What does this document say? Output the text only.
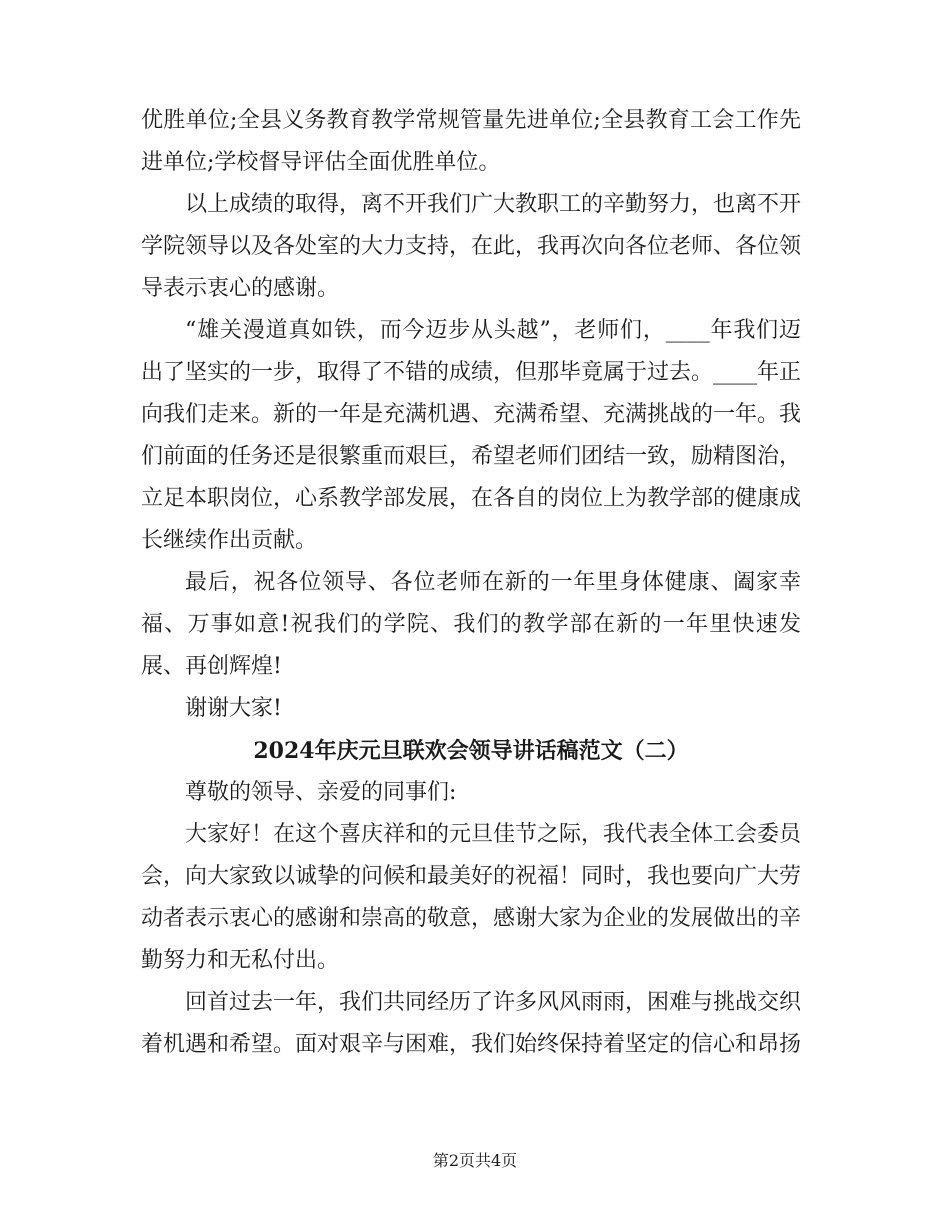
优胜单位;全县义务教育教学常规管量先进单位;全县教育工会工作先进单位;学校督导评估全面优胜单位。

以上成绩的取得，离不开我们广大教职工的辛勤努力，也离不开学院领导以及各处室的大力支持，在此，我再次向各位老师、各位领导表示衷心的感谢。

“雄关漫道真如铁，而今迈步从头越”，老师们，____年我们迈出了坚实的一步，取得了不错的成绩，但那毕竟属于过去。____年正向我们走来。新的一年是充满机遇、充满希望、充满挑战的一年。我们前面的任务还是很繁重而艰巨，希望老师们团结一致，励精图治，立足本职岗位，心系教学部发展，在各自的岗位上为教学部的健康成长继续作出贡献。

最后，祝各位领导、各位老师在新的一年里身体健康、阖家幸福、万事如意!祝我们的学院、我们的教学部在新的一年里快速发展、再创辉煌!

谢谢大家!

2024年庆元旦联欢会领导讲话稿范文（二）

尊敬的领导、亲爱的同事们:

大家好！在这个喜庆祥和的元旦佳节之际，我代表全体工会委员会，向大家致以诚挚的问候和最美好的祝福！同时，我也要向广大劳动者表示衷心的感谢和崇高的敬意，感谢大家为企业的发展做出的辛勤努力和无私付出。

回首过去一年，我们共同经历了许多风风雨雨，困难与挑战交织着机遇和希望。面对艰辛与困难，我们始终保持着坚定的信心和昂扬

第2页共4页
